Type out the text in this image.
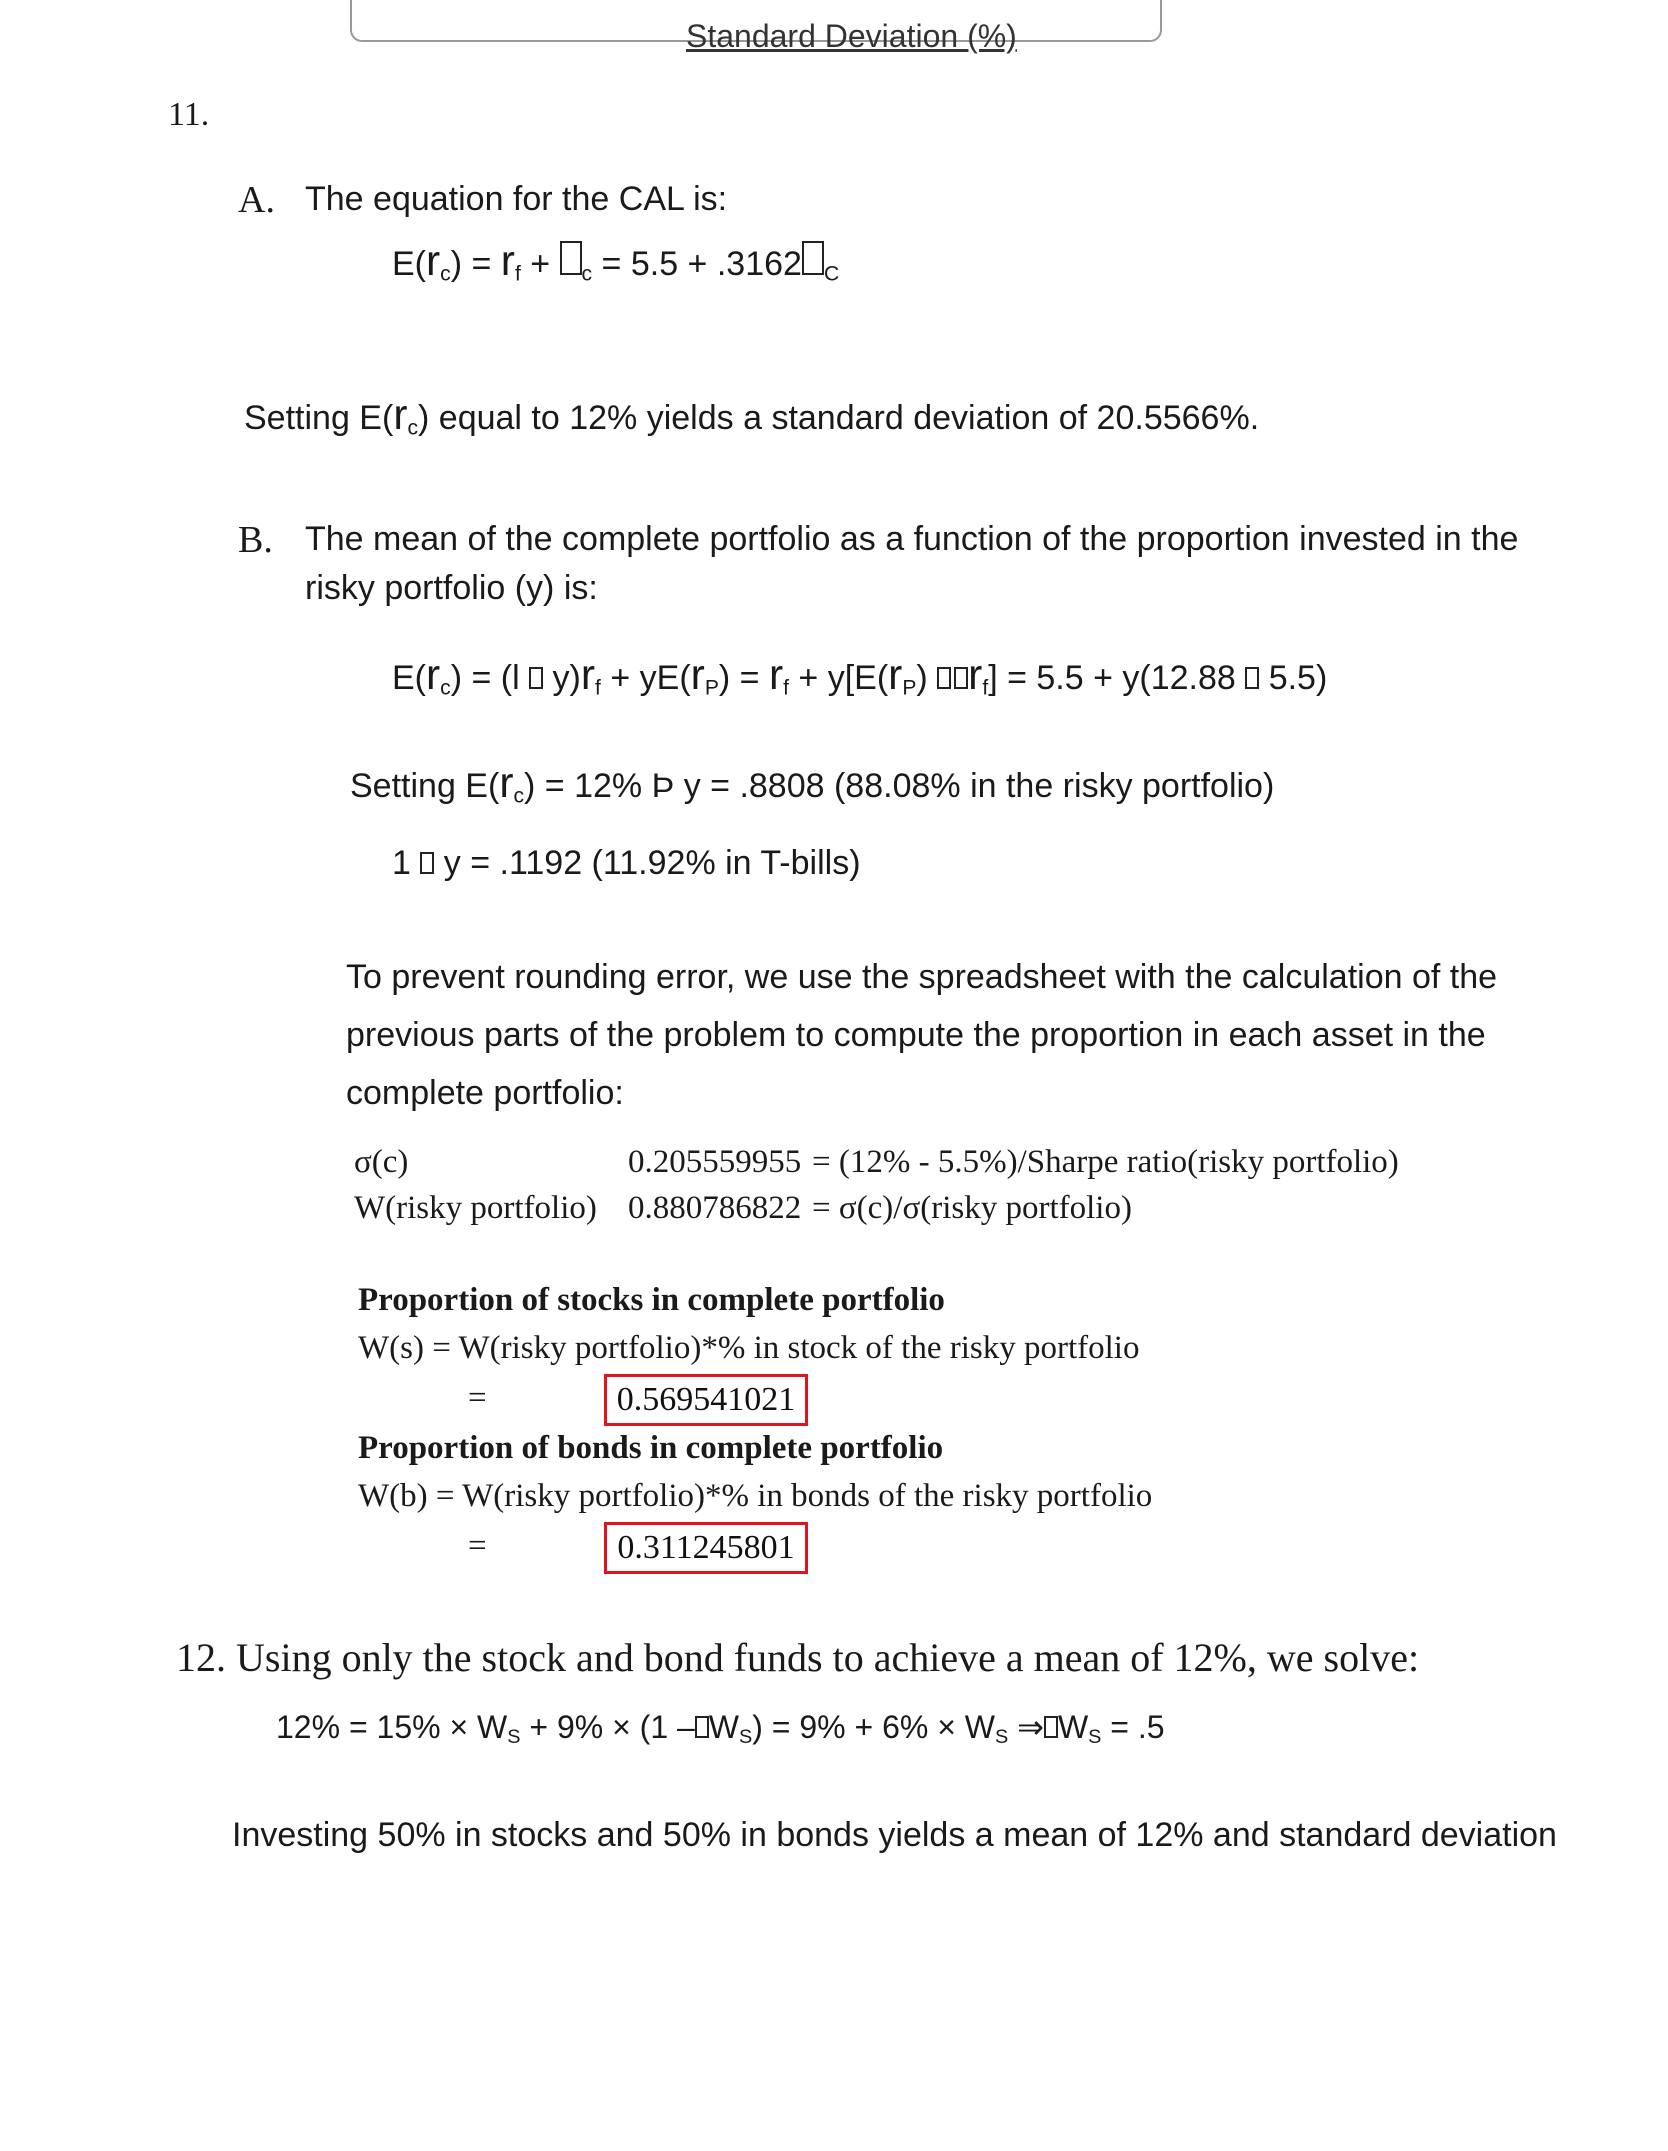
Standard Deviation (%)
11.
A. The equation for the CAL is:
$E(r_c) = r_f + _c = 5.5 + .3162$ $_C$
Setting $E(r_c)$ equal to 12% yields a standard deviation of 20.5566%.
B. The mean of the complete portfolio as a function of the proportion invested in the
risky portfolio (y) is:
$E(r_c) = (l$  $y)r_f + yE(r_P) = r_f + y[E(r_P)$ $r_f] = 5.5 + y(12.88$  5.5)
Setting $E(r_c) = 12\%$ Þ y = .8808 (88.08% in the risky portfolio)
1  y = .1192 (11.92% in T-bills)
To prevent rounding error, we use the spreadsheet with the calculation of the
previous parts of the problem to compute the proportion in each asset in the
complete portfolio:
σ(c)	0.205559955 = (12% - 5.5%)/Sharpe ratio(risky portfolio)
W(risky portfolio) 0.880786822 = σ(c)/σ(risky portfolio)
Proportion of stocks in complete portfolio
W(s) = W(risky portfolio)*% in stock of the risky portfolio
=	0.569541021
Proportion of bonds in complete portfolio
W(b) = W(risky portfolio)*% in bonds of the risky portfolio
=	0.311245801
12. Using only the stock and bond funds to achieve a mean of 12%, we solve:
$12\% = 15\% \times W_S + 9\% \times (1 - W_S) = 9\% + 6\% \times W_S$ ⇒ $W_S = .5$
Investing 50% in stocks and 50% in bonds yields a mean of 12% and standard deviation
